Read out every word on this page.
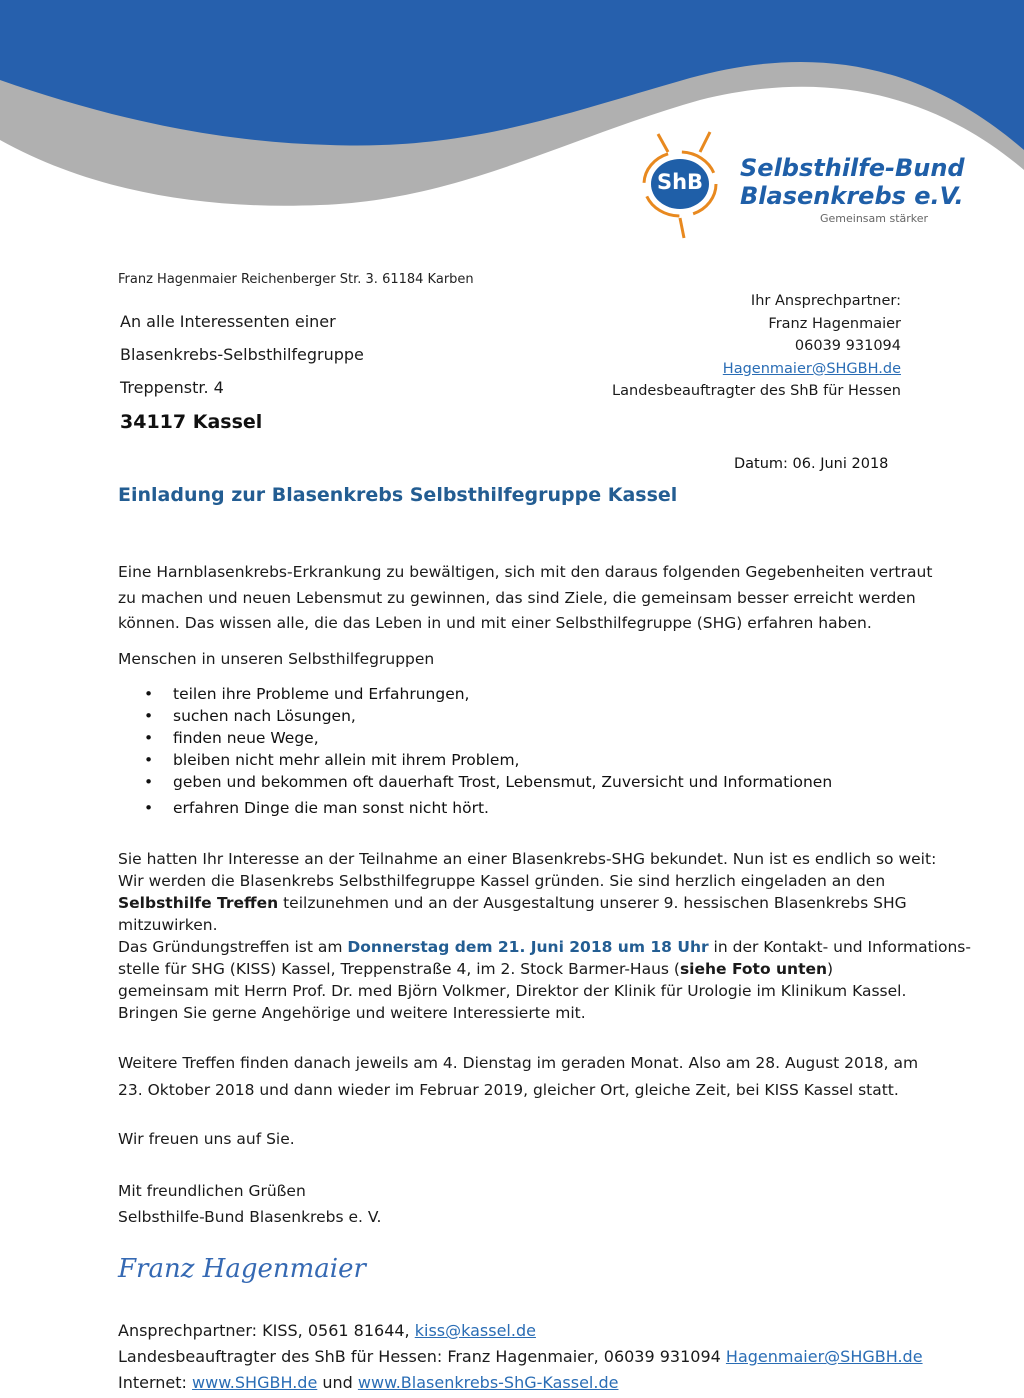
ShB Selbsthilfe-Bund
Blasenkrebs e.V.
Gemeinsam stärker
Franz Hagenmaier Reichenberger Str. 3. 61184 Karben
An alle Interessenten einer
Blasenkrebs-Selbsthilfegruppe
Treppenstr. 4
34117 Kassel
Ihr Ansprechpartner:
Franz Hagenmaier
06039 931094
Hagenmaier@SHGBH.de
Landesbeauftragter des ShB für Hessen
Datum: 06. Juni 2018
Einladung zur Blasenkrebs Selbsthilfegruppe Kassel
Eine Harnblasenkrebs-Erkrankung zu bewältigen, sich mit den daraus folgenden Gegebenheiten vertraut
zu machen und neuen Lebensmut zu gewinnen, das sind Ziele, die gemeinsam besser erreicht werden
können. Das wissen alle, die das Leben in und mit einer Selbsthilfegruppe (SHG) erfahren haben.
Menschen in unseren Selbsthilfegruppen
• teilen ihre Probleme und Erfahrungen,
• suchen nach Lösungen,
• finden neue Wege,
• bleiben nicht mehr allein mit ihrem Problem,
• geben und bekommen oft dauerhaft Trost, Lebensmut, Zuversicht und Informationen
• erfahren Dinge die man sonst nicht hört.
Sie hatten Ihr Interesse an der Teilnahme an einer Blasenkrebs-SHG bekundet. Nun ist es endlich so weit:
Wir werden die Blasenkrebs Selbsthilfegruppe Kassel gründen. Sie sind herzlich eingeladen an den
Selbsthilfe Treffen teilzunehmen und an der Ausgestaltung unserer 9. hessischen Blasenkrebs SHG
mitzuwirken.
Das Gründungstreffen ist am Donnerstag dem 21. Juni 2018 um 18 Uhr in der Kontakt- und Informations-
stelle für SHG (KISS) Kassel, Treppenstraße 4, im 2. Stock Barmer-Haus (siehe Foto unten)
gemeinsam mit Herrn Prof. Dr. med Björn Volkmer, Direktor der Klinik für Urologie im Klinikum Kassel.
Bringen Sie gerne Angehörige und weitere Interessierte mit.
Weitere Treffen finden danach jeweils am 4. Dienstag im geraden Monat. Also am 28. August 2018, am
23. Oktober 2018 und dann wieder im Februar 2019, gleicher Ort, gleiche Zeit, bei KISS Kassel statt.
Wir freuen uns auf Sie.
Mit freundlichen Grüßen
Selbsthilfe-Bund Blasenkrebs e. V.
Franz Hagenmaier
Ansprechpartner: KISS, 0561 81644, kiss@kassel.de
Landesbeauftragter des ShB für Hessen: Franz Hagenmaier, 06039 931094 Hagenmaier@SHGBH.de
Internet: www.SHGBH.de und www.Blasenkrebs-ShG-Kassel.de
